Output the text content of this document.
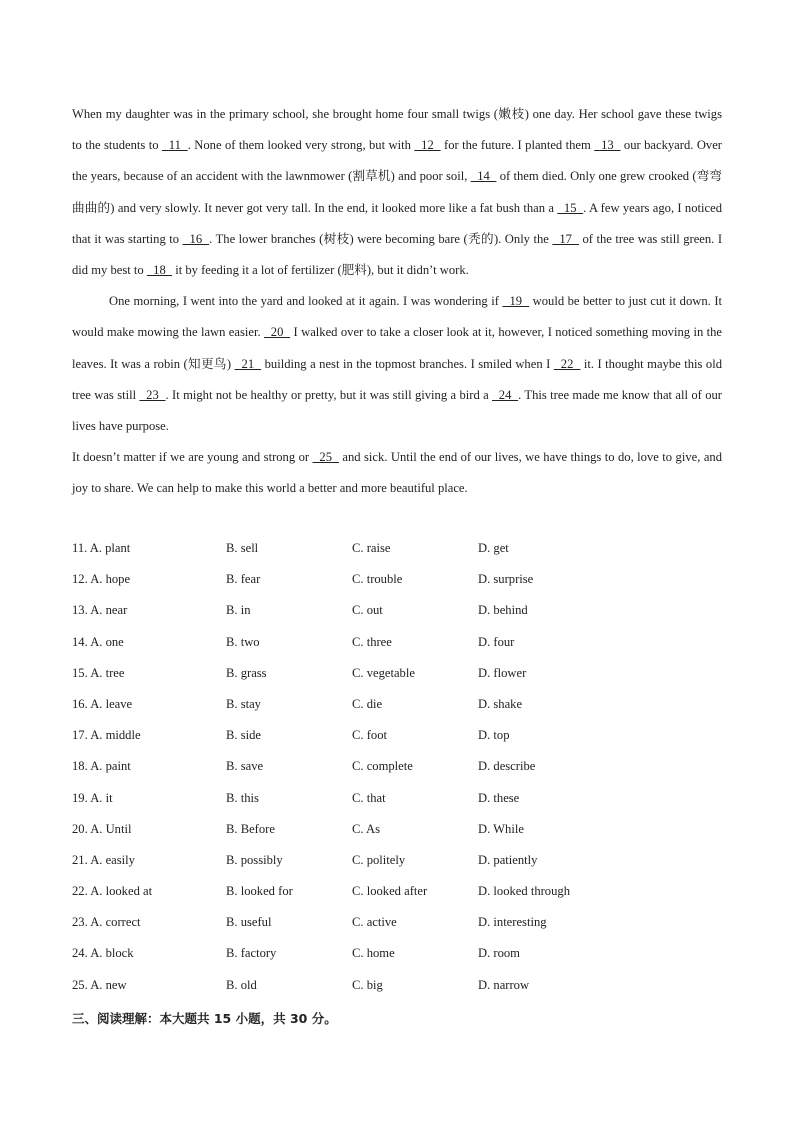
When my daughter was in the primary school, she brought home four small twigs (嫩枝) one day. Her school gave these twigs to the students to   11  . None of them looked very strong, but with   12   for the future. I planted them   13   our backyard. Over the years, because of an accident with the lawnmower (割草机) and poor soil,   14   of them died. Only one grew crooked (弯弯曲曲的) and very slowly. It never got very tall. In the end, it looked more like a fat bush than a   15  . A few years ago, I noticed that it was starting to   16  . The lower branches (树枝) were becoming bare (秃的). Only the   17   of the tree was still green. I did my best to   18   it by feeding it a lot of fertilizer (肥料), but it didn’t work.

One morning, I went into the yard and looked at it again. I was wondering if   19   would be better to just cut it down. It would make mowing the lawn easier.   20   I walked over to take a closer look at it, however, I noticed something moving in the leaves. It was a robin (知更鸟)   21   building a nest in the topmost branches. I smiled when I   22   it. I thought maybe this old tree was still   23  . It might not be healthy or pretty, but it was still giving a bird a   24  . This tree made me know that all of our lives have purpose.

It doesn’t matter if we are young and strong or   25   and sick. Until the end of our lives, we have things to do, love to give, and joy to share. We can help to make this world a better and more beautiful place.

11. A. plant	B. sell	C. raise	D. get
12. A. hope	B. fear	C. trouble	D. surprise
13. A. near	B. in	C. out	D. behind
14. A. one	B. two	C. three	D. four
15. A. tree	B. grass	C. vegetable	D. flower
16. A. leave	B. stay	C. die	D. shake
17. A. middle	B. side	C. foot	D. top
18. A. paint	B. save	C. complete	D. describe
19. A. it	B. this	C. that	D. these
20. A. Until	B. Before	C. As	D. While
21. A. easily	B. possibly	C. politely	D. patiently
22. A. looked at	B. looked for	C. looked after	D. looked through
23. A. correct	B. useful	C. active	D. interesting
24. A. block	B. factory	C. home	D. room
25. A. new	B. old	C. big	D. narrow
三、阅读理解：本大题共 15 小题，共 30 分。
